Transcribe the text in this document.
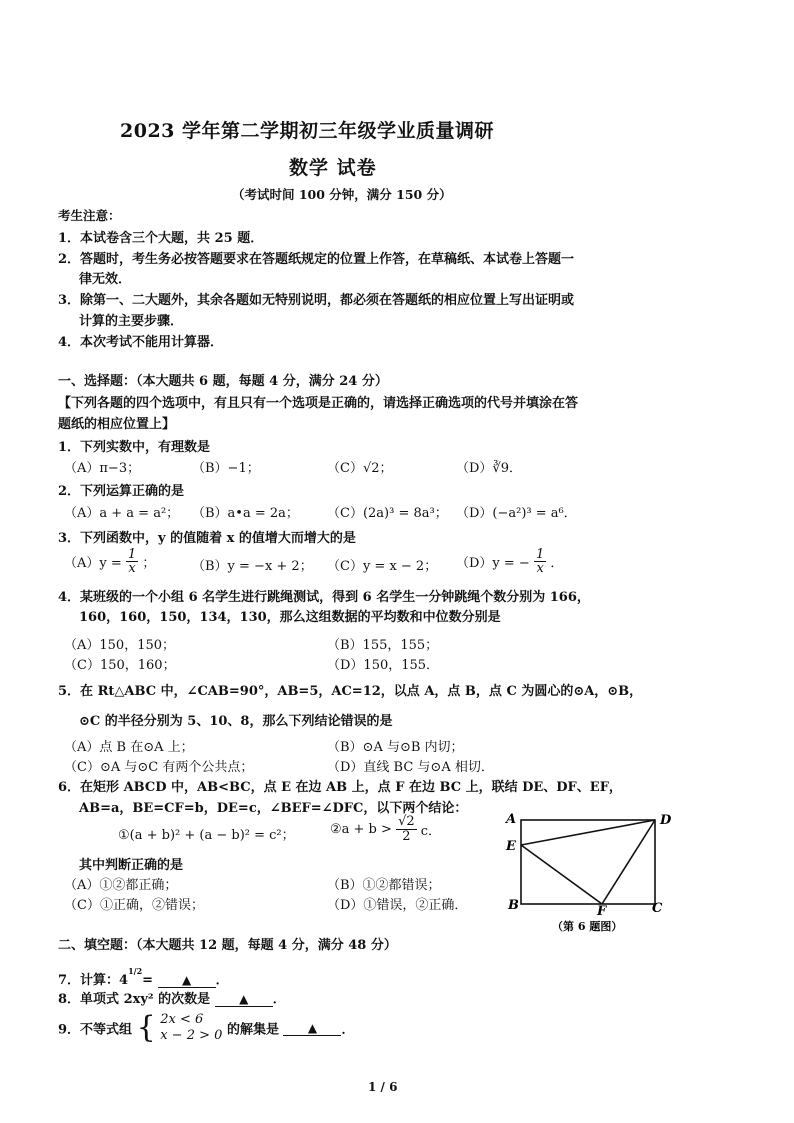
2023 学年第二学期初三年级学业质量调研
数学 试卷
（考试时间 100 分钟，满分 150 分）
考生注意：
1．本试卷含三个大题，共 25 题．
2．答题时，考生务必按答题要求在答题纸规定的位置上作答，在草稿纸、本试卷上答题一
律无效．
3．除第一、二大题外，其余各题如无特别说明，都必须在答题纸的相应位置上写出证明或
计算的主要步骤．
4．本次考试不能用计算器．
一、选择题：（本大题共 6 题，每题 4 分，满分 24 分）
【下列各题的四个选项中，有且只有一个选项是正确的，请选择正确选项的代号并填涂在答
题纸的相应位置上】
1．下列实数中，有理数是
（A）π−3；	（B）−1；	（C）√2；	（D）∛9．
2．下列运算正确的是
（A）a + a = a²； （B）a•a = 2a； （C）(2a)³ = 8a³； （D）(−a²)³ = a⁶．
3．下列函数中，y 的值随着 x 的值增大而增大的是
$(A)y = \frac{1}{x}$ ；	（B）y = −x + 2； （C）y = x − 2； （D）y = − $\frac{1}{x}$ ．
4．某班级的一个小组 6 名学生进行跳绳测试，得到 6 名学生一分钟跳绳个数分别为 166，
160，160，150，134，130，那么这组数据的平均数和中位数分别是
（A）150，150；	（B）155，155；
（C）150，160；	（D）150，155．
5．在 Rt△ABC 中，∠CAB=90°，AB=5，AC=12，以点 A，点 B，点 C 为圆心的⊙A，⊙B，
⊙C 的半径分别为 5、10、8，那么下列结论错误的是
（A）点 B 在⊙A 上；	（B）⊙A 与⊙B 内切；
（C）⊙A 与⊙C 有两个公共点；	（D）直线 BC 与⊙A 相切．
6．在矩形 ABCD 中，AB<BC，点 E 在边 AB 上，点 F 在边 BC 上，联结 DE、DF、EF，
AB=a，BE=CF=b，DE=c，∠BEF=∠DFC，以下两个结论：
①(a + b)² + (a − b)² = c²；	②a + $b > \frac{√2}{2}$ c．
其中判断正确的是
（A）①②都正确；	（B）①②都错误；
（C）①正确，②错误；	（D）①错误，②正确．
A	D
E
B	F	C
（第 6 题图）
二、填空题：（本大题共 12 题，每题 4 分，满分 48 分）
7．计算：$4^{1/2}=$ ▲ ．
8．单项式 2xy² 的次数是 ▲ ．
9．不等式组 { 2x < 6
x − 2 > 0 的解集是 ▲ ．
1 / 6
